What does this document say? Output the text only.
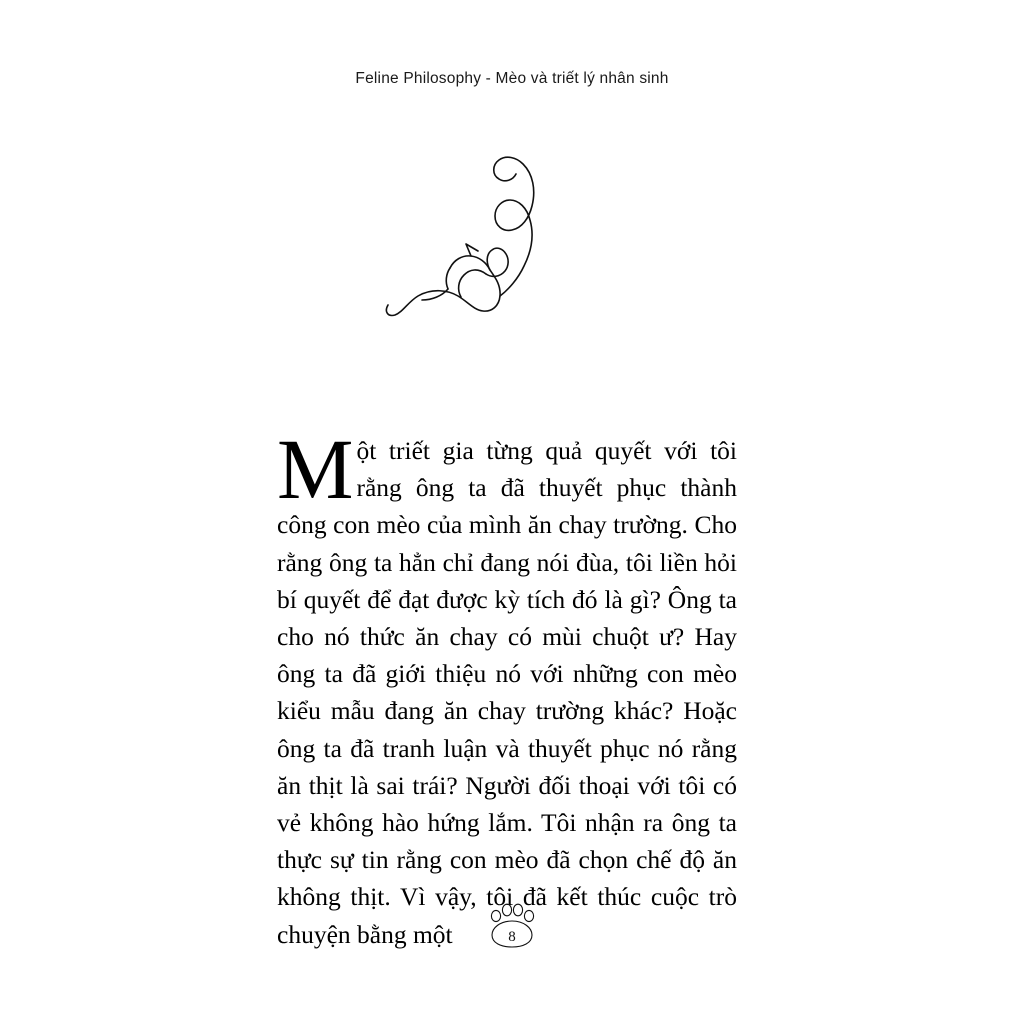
Feline Philosophy - Mèo và triết lý nhân sinh

Một triết gia từng quả quyết với tôi rằng ông ta đã thuyết phục thành công con mèo của mình ăn chay trường. Cho rằng ông ta hẳn chỉ đang nói đùa, tôi liền hỏi bí quyết để đạt được kỳ tích đó là gì? Ông ta cho nó thức ăn chay có mùi chuột ư? Hay ông ta đã giới thiệu nó với những con mèo kiểu mẫu đang ăn chay trường khác? Hoặc ông ta đã tranh luận và thuyết phục nó rằng ăn thịt là sai trái? Người đối thoại với tôi có vẻ không hào hứng lắm. Tôi nhận ra ông ta thực sự tin rằng con mèo đã chọn chế độ ăn không thịt. Vì vậy, tôi đã kết thúc cuộc trò chuyện bằng một	8
